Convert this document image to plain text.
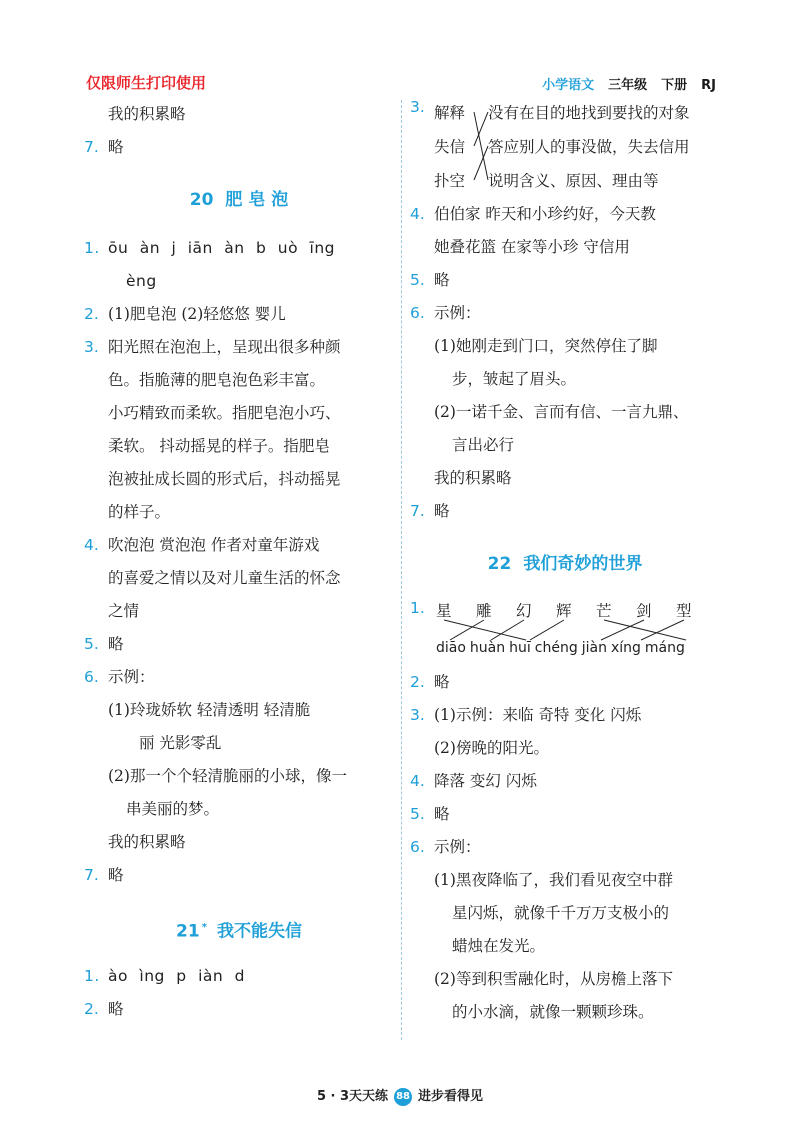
仅限师生打印使用	小学语文 三年级 下册 RJ
我的积累略
7. 略
20 肥 皂 泡
1. ōu àn j iān àn b uò īng
èng
2. (1)肥皂泡 (2)轻悠悠 婴儿
3. 阳光照在泡泡上，呈现出很多种颜
色。指脆薄的肥皂泡色彩丰富。
小巧精致而柔软。指肥皂泡小巧、
柔软。 抖动摇晃的样子。指肥皂
泡被扯成长圆的形式后，抖动摇晃
的样子。
4. 吹泡泡 赏泡泡 作者对童年游戏
的喜爱之情以及对儿童生活的怀念
之情
5. 略
6. 示例：
(1)玲珑娇软 轻清透明 轻清脆
丽 光影零乱
(2)那一个个轻清脆丽的小球，像一
串美丽的梦。
我的积累略
7. 略
21 * 我不能失信
1. ào ìng p iàn d
2. 略
3. 解释
失信
扑空
没有在目的地找到要找的对象
答应别人的事没做，失去信用
说明含义、原因、理由等
4. 伯伯家 昨天和小珍约好，今天教
她叠花篮 在家等小珍 守信用
5. 略
6. 示例：
(1)她刚走到门口，突然停住了脚
步，皱起了眉头。
(2)一诺千金、言而有信、一言九鼎、
言出必行
我的积累略
7. 略
22 我们奇妙的世界
1. 星 雕 幻 辉 芒 剑 型
diāo huàn huī chéng jiàn xíng máng
2. 略
3. (1)示例：来临 奇特 变化 闪烁
(2)傍晚的阳光。
4. 降落 变幻 闪烁
5. 略
6. 示例：
(1)黑夜降临了，我们看见夜空中群
星闪烁，就像千千万万支极小的
蜡烛在发光。
(2)等到积雪融化时，从房檐上落下
的小水滴，就像一颗颗珍珠。
5 · 3天天练 88 进步看得见
